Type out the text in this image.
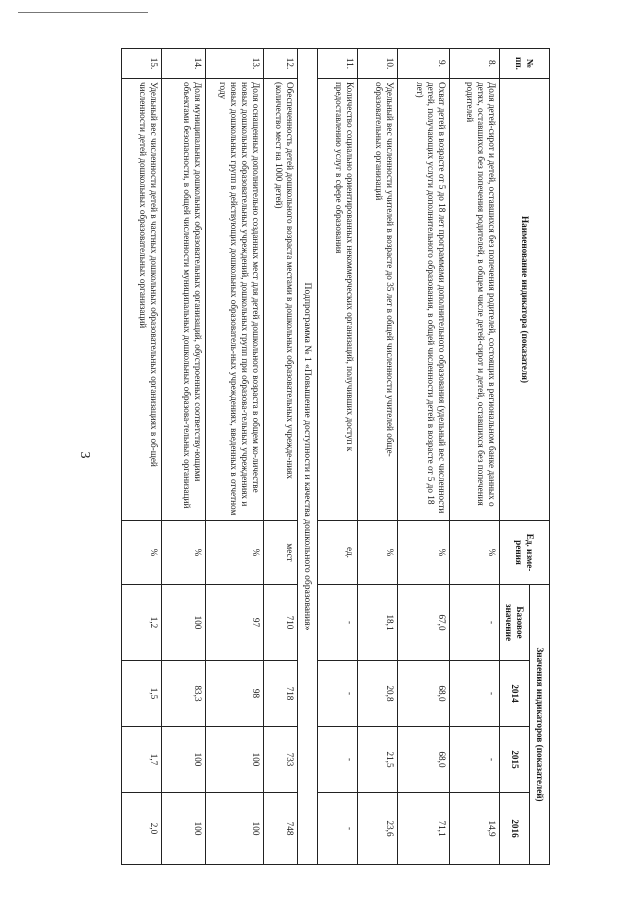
3
№ пп.	Наименование индикатора (показателя)	Ед. изме-рения	Значения индикаторов (показателей)			
			Базовое значение	2014	2015	2016
8.	Доля детей-сирот и детей, оставшихся без попечения родителей, состоящих в региональном банке данных о детях, оставшихся без попечения родителей, в общем числе детей-сирот и детей, оставшихся без попечения родителей	%	-	-	-	14,9
9.	Охват детей в возрасте от 5 до 18 лет программами дополнительного образования (удельный вес численности детей, получающих услуги дополнительного образования, в общей численности детей в возрасте от 5 до 18 лет)	%	67,0	68,0	68,0	71,1
10.	Удельный вес численности учителей в возрасте до 35 лет в общей численности учителей обще-образовательных организаций	%	18,1	20,8	21,5	23,6
11.	Количество социально ориентированных некоммерческих организаций, получивших доступ к предоставлению услуг в сфере образования	ед.	-	-	-	-
Подпрограмма № 1 «Повышение доступности и качества дошкольного образования»						
12.	Обеспеченность детей дошкольного возраста местами в дошкольных образовательных учрежде-ниях (количество мест на 1000 детей)	мест	710	718	733	748
13.	Доля оснащенных дополнительно созданных мест для детей дошкольного возраста в общем ко-личестве новых дошкольных образовательных учреждений, дошкольных групп при образова-тельных учреждениях и новых дошкольных групп в действующих дошкольных образователь-ных учреждениях, введенных в отчетном году	%	97	98	100	100
14.	Доля муниципальных дошкольных образовательных организаций, обустроенных соответству-ющими объектами безопасности, в общей численности муниципальных дошкольных образова-тельных организаций	%	100	83,3	100	100
15.	Удельный вес численности детей в частных дошкольных образовательных организациях в об-щей численности детей дошкольных образовательных организаций	%	1,2	1,5	1,7	2,0
